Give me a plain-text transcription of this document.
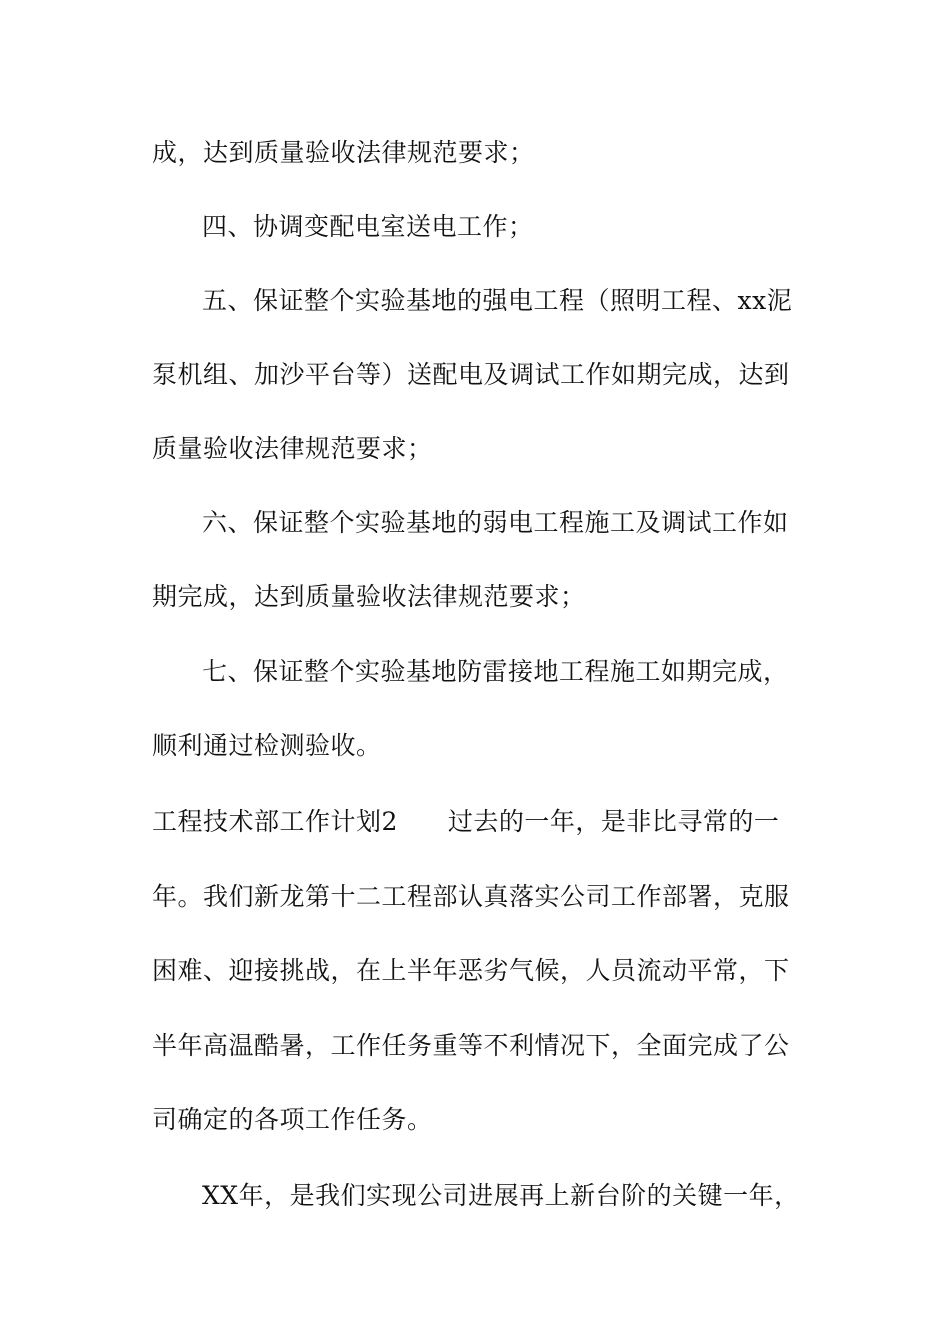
成，达到质量验收法律规范要求；
四、协调变配电室送电工作；
五、保证整个实验基地的强电工程（照明工程、xx泥
泵机组、加沙平台等）送配电及调试工作如期完成，达到
质量验收法律规范要求；
六、保证整个实验基地的弱电工程施工及调试工作如
期完成，达到质量验收法律规范要求；
七、保证整个实验基地防雷接地工程施工如期完成，
顺利通过检测验收。
工程技术部工作计划2 过去的一年，是非比寻常的一
年。我们新龙第十二工程部认真落实公司工作部署，克服
困难、迎接挑战，在上半年恶劣气候，人员流动平常，下
半年高温酷暑，工作任务重等不利情况下，全面完成了公
司确定的各项工作任务。
XX年，是我们实现公司进展再上新台阶的关键一年，
